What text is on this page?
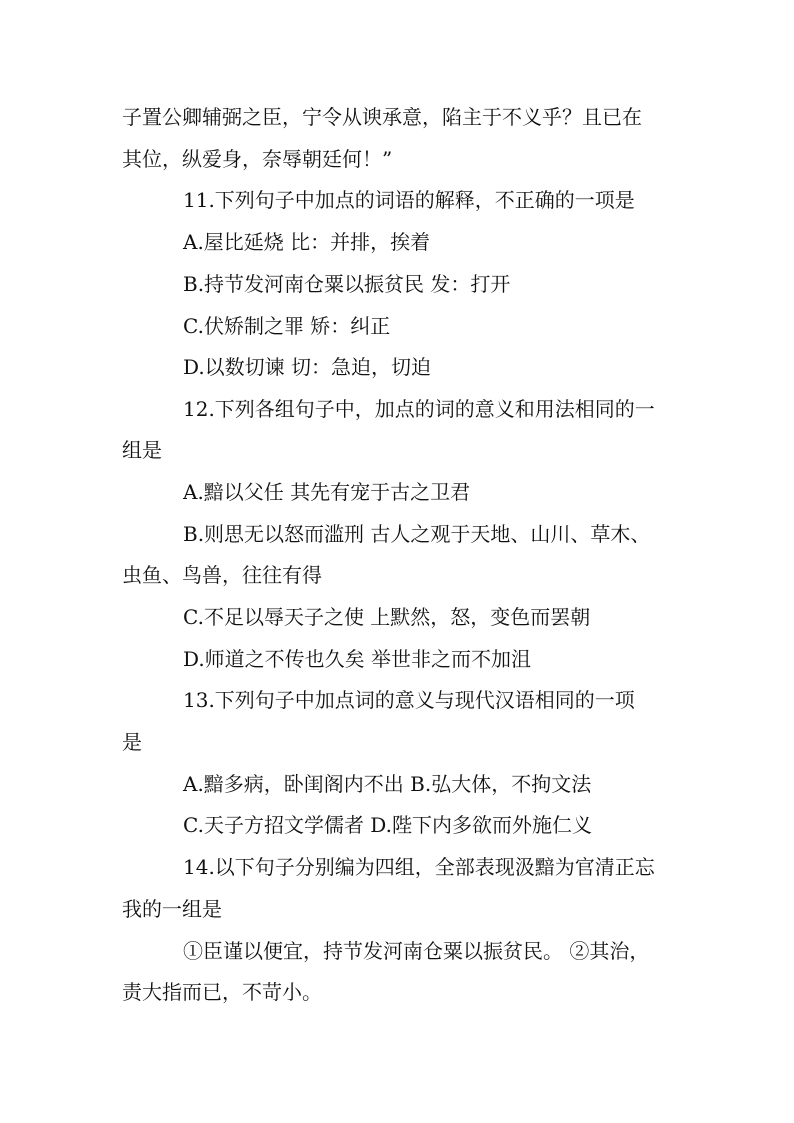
子置公卿辅弼之臣，宁令从谀承意，陷主于不义乎？且已在
其位，纵爱身，奈辱朝廷何！”
11.下列句子中加点的词语的解释，不正确的一项是
A.屋比延烧 比：并排，挨着
B.持节发河南仓粟以振贫民 发：打开
C.伏矫制之罪 矫：纠正
D.以数切谏 切：急迫，切迫
12.下列各组句子中，加点的词的意义和用法相同的一
组是
A.黯以父任 其先有宠于古之卫君
B.则思无以怒而滥刑 古人之观于天地、山川、草木、
虫鱼、鸟兽，往往有得
C.不足以辱天子之使 上默然，怒，变色而罢朝
D.师道之不传也久矣 举世非之而不加沮
13.下列句子中加点词的意义与现代汉语相同的一项
是
A.黯多病，卧闺阁内不出 B.弘大体，不拘文法
C.天子方招文学儒者 D.陛下内多欲而外施仁义
14.以下句子分别编为四组，全部表现汲黯为官清正忘
我的一组是
①臣谨以便宜，持节发河南仓粟以振贫民。 ②其治，
责大指而已，不苛小。
